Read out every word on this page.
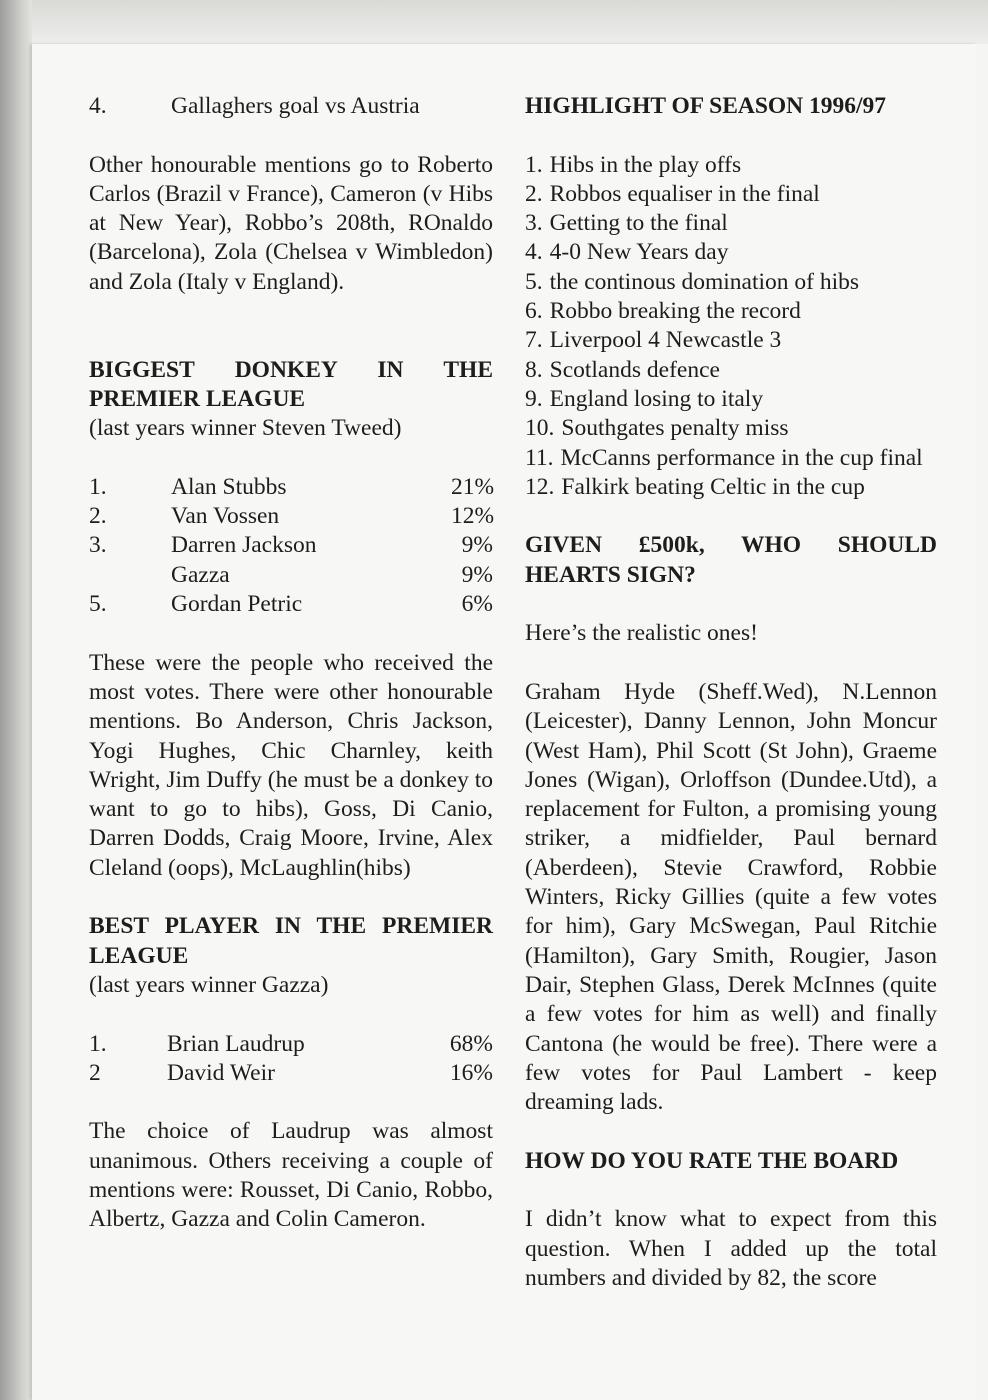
4.	Gallaghers goal vs Austria

Other honourable mentions go to Roberto Carlos (Brazil v France), Cameron (v Hibs at New Year), Robbo’s 208th, ROnaldo (Barcelona), Zola (Chelsea v Wimbledon) and Zola (Italy v England).

BIGGEST DONKEY IN THE PREMIER LEAGUE

(last years winner Steven Tweed)

1.	Alan Stubbs	21%
2.	Van Vossen	12%
3.	Darren Jackson	9%
Gazza	9%
5.	Gordan Petric	6%

These were the people who received the most votes. There were other honourable mentions. Bo Anderson, Chris Jackson, Yogi Hughes, Chic Charnley, keith Wright, Jim Duffy (he must be a donkey to want to go to hibs), Goss, Di Canio, Darren Dodds, Craig Moore, Irvine, Alex Cleland (oops), McLaughlin(hibs)

BEST PLAYER IN THE PREMIER LEAGUE

(last years winner Gazza)

1.	Brian Laudrup	68%
2	David Weir	16%

The choice of Laudrup was almost unanimous. Others receiving a couple of mentions were: Rousset, Di Canio, Robbo, Albertz, Gazza and Colin Cameron.

HIGHLIGHT OF SEASON 1996/97
1. Hibs in the play offs
2. Robbos equaliser in the final
3. Getting to the final
4. 4-0 New Years day
5. the continous domination of hibs
6. Robbo breaking the record
7. Liverpool 4 Newcastle 3
8. Scotlands defence
9. England losing to italy
10. Southgates penalty miss
11. McCanns performance in the cup final
12. Falkirk beating Celtic in the cup
GIVEN £500k, WHO SHOULD HEARTS SIGN?

Here’s the realistic ones!

Graham Hyde (Sheff.Wed), N.Lennon (Leicester), Danny Lennon, John Moncur (West Ham), Phil Scott (St John), Graeme Jones (Wigan), Orloffson (Dundee.Utd), a replacement for Fulton, a promising young striker, a midfielder, Paul bernard (Aberdeen), Stevie Crawford, Robbie Winters, Ricky Gillies (quite a few votes for him), Gary McSwegan, Paul Ritchie (Hamilton), Gary Smith, Rougier, Jason Dair, Stephen Glass, Derek McInnes (quite a few votes for him as well) and finally Cantona (he would be free). There were a few votes for Paul Lambert - keep dreaming lads.

HOW DO YOU RATE THE BOARD

I didn’t know what to expect from this question. When I added up the total numbers and divided by 82, the score
